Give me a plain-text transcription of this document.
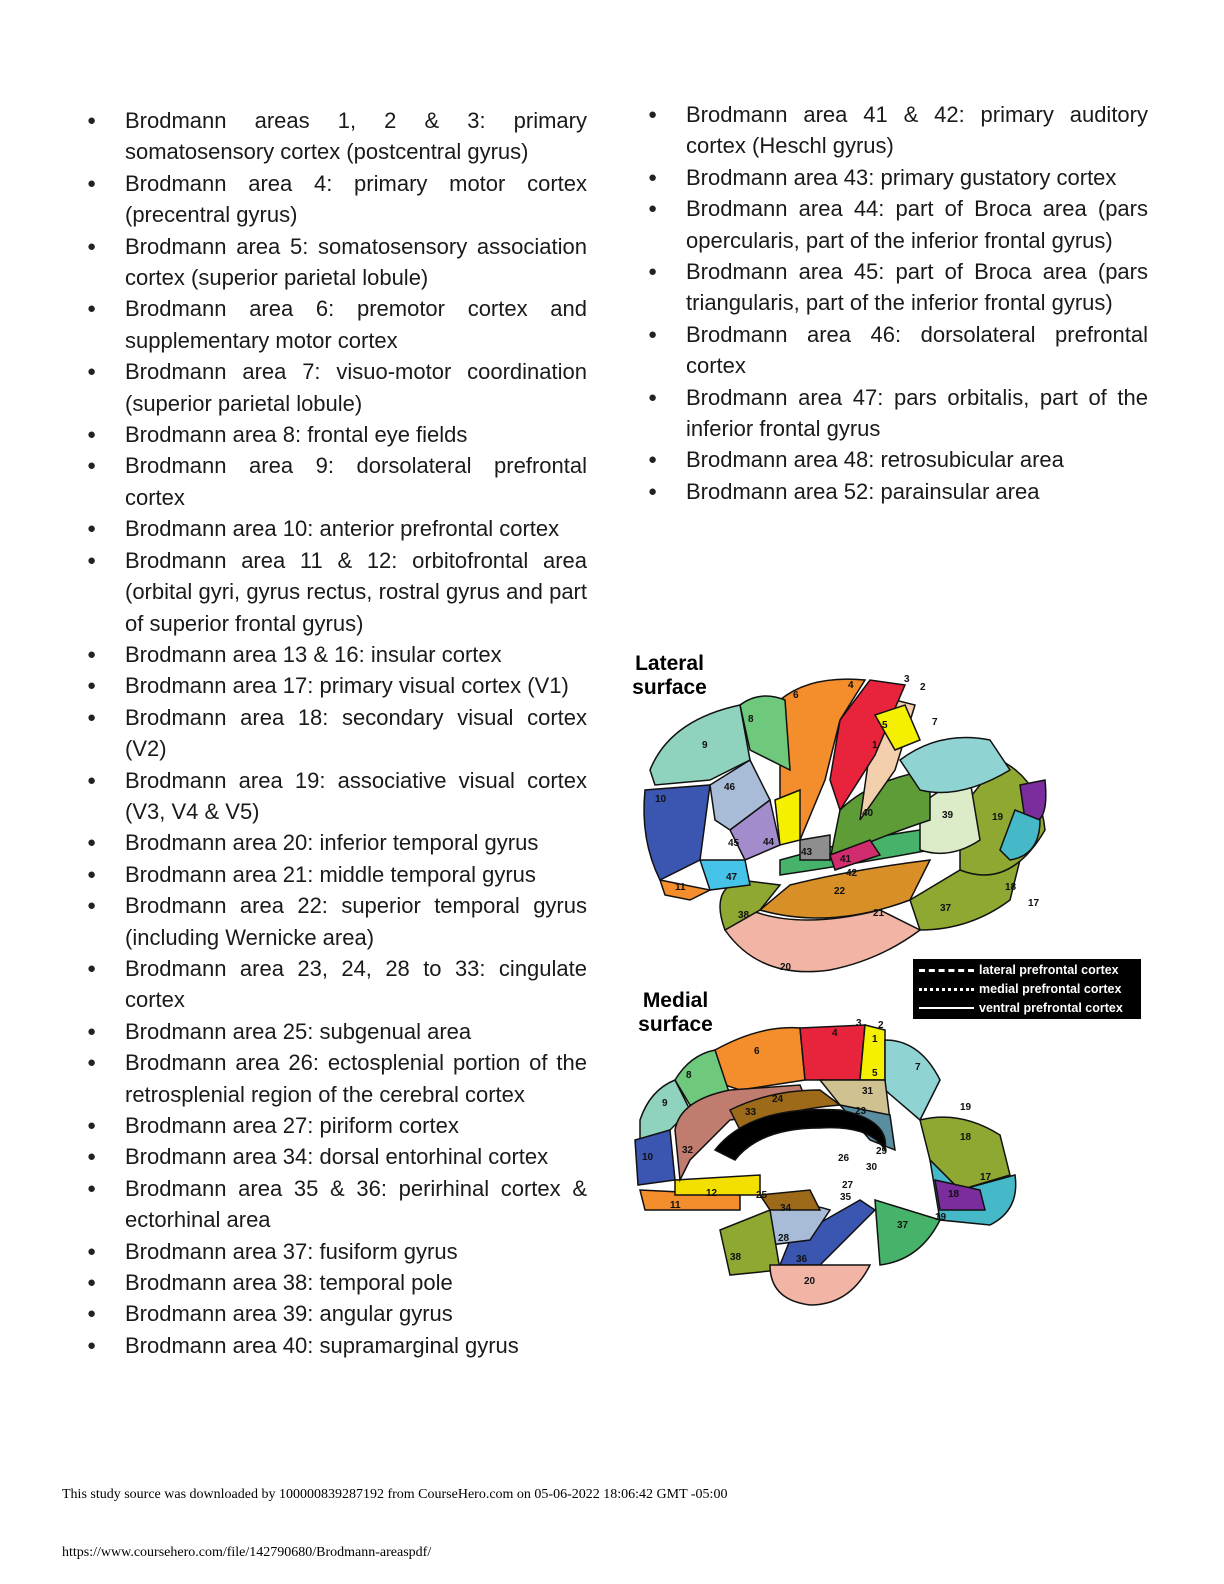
● Brodmann areas 1, 2 & 3: primary somatosensory cortex (postcentral gyrus)
● Brodmann area 4: primary motor cortex (precentral gyrus)
● Brodmann area 5: somatosensory association cortex (superior parietal lobule)
● Brodmann area 6: premotor cortex and supplementary motor cortex
● Brodmann area 7: visuo-motor coordination (superior parietal lobule)
● Brodmann area 8: frontal eye fields
● Brodmann area 9: dorsolateral prefrontal cortex
● Brodmann area 10: anterior prefrontal cortex
● Brodmann area 11 & 12: orbitofrontal area (orbital gyri, gyrus rectus, rostral gyrus and part of superior frontal gyrus)
● Brodmann area 13 & 16: insular cortex
● Brodmann area 17: primary visual cortex (V1)
● Brodmann area 18: secondary visual cortex (V2)
● Brodmann area 19: associative visual cortex (V3, V4 & V5)
● Brodmann area 20: inferior temporal gyrus
● Brodmann area 21: middle temporal gyrus
● Brodmann area 22: superior temporal gyrus (including Wernicke area)
● Brodmann area 23, 24, 28 to 33: cingulate cortex
● Brodmann area 25: subgenual area
● Brodmann area 26: ectosplenial portion of the retrosplenial region of the cerebral cortex
● Brodmann area 27: piriform cortex
● Brodmann area 34: dorsal entorhinal cortex
● Brodmann area 35 & 36: perirhinal cortex & ectorhinal area
● Brodmann area 37: fusiform gyrus
● Brodmann area 38: temporal pole
● Brodmann area 39: angular gyrus
● Brodmann area 40: supramarginal gyrus
● Brodmann area 41 & 42: primary auditory cortex (Heschl gyrus)
● Brodmann area 43: primary gustatory cortex
● Brodmann area 44: part of Broca area (pars opercularis, part of the inferior frontal gyrus)
● Brodmann area 45: part of Broca area (pars triangularis, part of the inferior frontal gyrus)
● Brodmann area 46: dorsolateral prefrontal cortex
● Brodmann area 47: pars orbitalis, part of the inferior frontal gyrus
● Brodmann area 48: retrosubicular area
● Brodmann area 52: parainsular area
Lateral surface	4
3
2
5
1
6
7
8
9
10
46
45 44
47
11
43
41
42
40	39	19
18
17
22
21	37
38
20	lateral prefrontal cortex
medial prefrontal cortex
ventral prefrontal cortex
Medial surface	4
3 2
1
5
6
7
8
9
10
11
12
32
33
24
31
23
26
29
30
27
35
25
34
28
36
38
20
37
19
18
17
18
19
This study source was downloaded by 100000839287192 from CourseHero.com on 05-06-2022 18:06:42 GMT -05:00
https://www.coursehero.com/file/142790680/Brodmann-areaspdf/
